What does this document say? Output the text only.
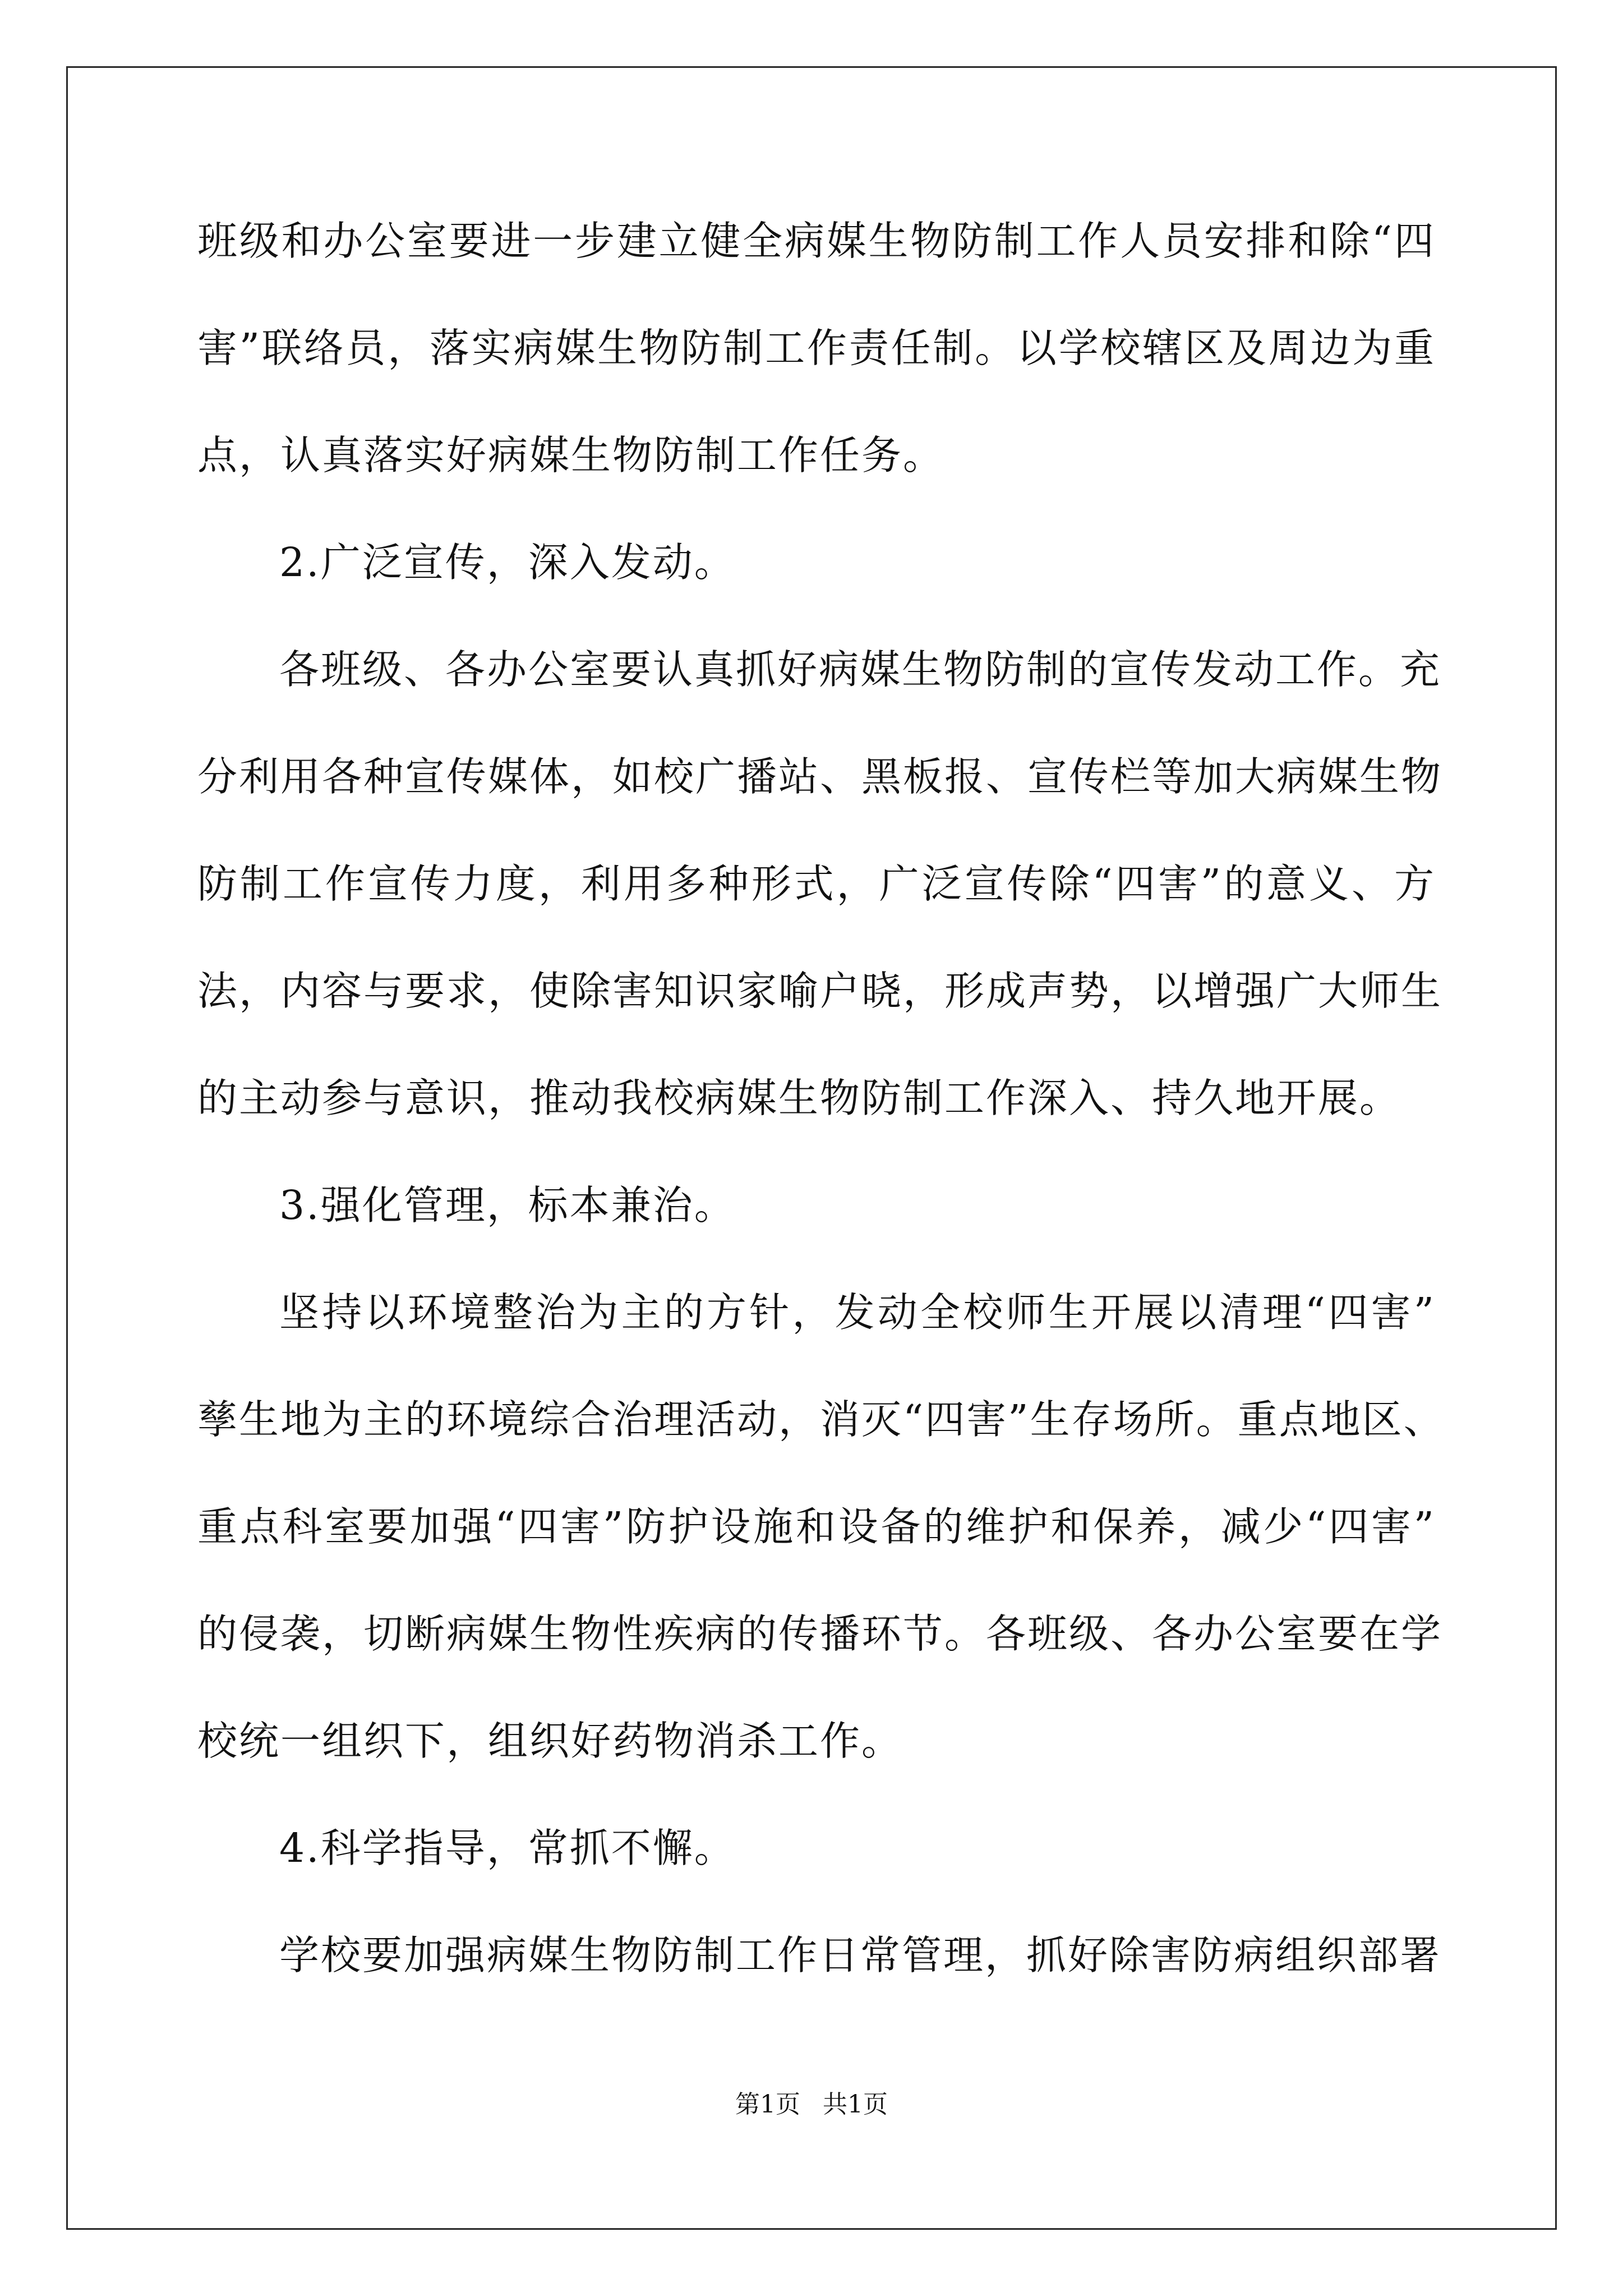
班级和办公室要进一步建立健全病媒生物防制工作人员安排和除“四
害”联络员，落实病媒生物防制工作责任制。以学校辖区及周边为重
点，认真落实好病媒生物防制工作任务。
2.广泛宣传，深入发动。
各班级、各办公室要认真抓好病媒生物防制的宣传发动工作。充
分利用各种宣传媒体，如校广播站、黑板报、宣传栏等加大病媒生物
防制工作宣传力度，利用多种形式，广泛宣传除“四害”的意义、方
法，内容与要求，使除害知识家喻户晓，形成声势，以增强广大师生
的主动参与意识，推动我校病媒生物防制工作深入、持久地开展。
3.强化管理，标本兼治。
坚持以环境整治为主的方针，发动全校师生开展以清理“四害”
孳生地为主的环境综合治理活动，消灭“四害”生存场所。重点地区、
重点科室要加强“四害”防护设施和设备的维护和保养，减少“四害”
的侵袭，切断病媒生物性疾病的传播环节。各班级、各办公室要在学
校统一组织下，组织好药物消杀工作。
4.科学指导，常抓不懈。
学校要加强病媒生物防制工作日常管理，抓好除害防病组织部署
第1页 共1页
